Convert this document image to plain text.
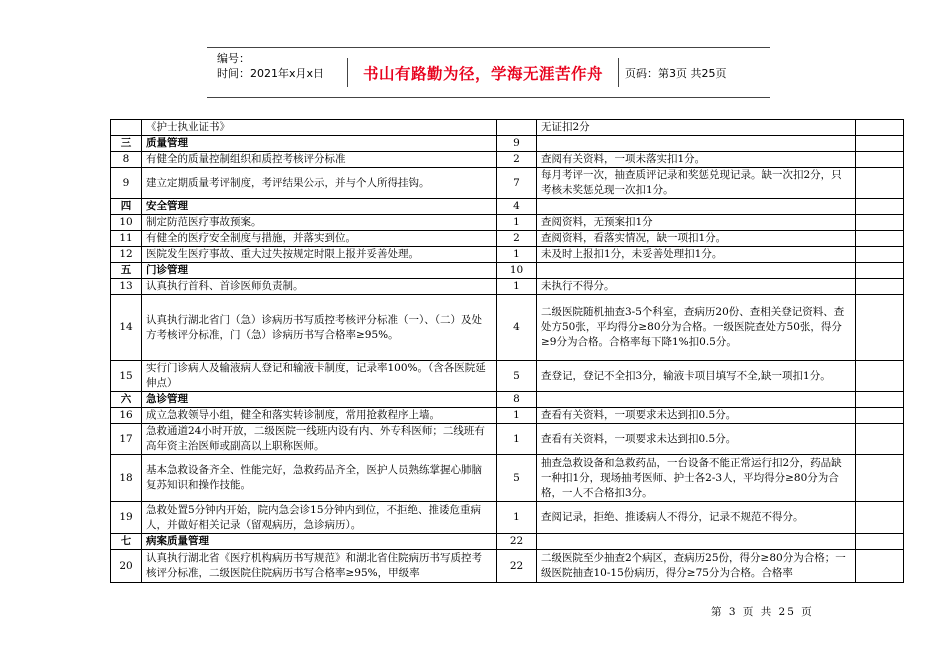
编号：
时间：2021年x月x日	书山有路勤为径，学海无涯苦作舟	页码：第3页 共25页
	《护士执业证书》		无证扣2分	
三	质量管理	9		
8	有健全的质量控制组织和质控考核评分标准	2	查阅有关资料，一项未落实扣1分。	
9	建立定期质量考评制度，考评结果公示，并与个人所得挂钩。	7	每月考评一次，抽查质评记录和奖惩兑现记录。缺一次扣2分，只考核未奖惩兑现一次扣1分。	
四	安全管理	4		
10	制定防范医疗事故预案。	1	查阅资料，无预案扣1分	
11	有健全的医疗安全制度与措施，并落实到位。	2	查阅资料，看落实情况，缺一项扣1分。	
12	医院发生医疗事故、重大过失按规定时限上报并妥善处理。	1	未及时上报扣1分，未妥善处理扣1分。	
五	门诊管理	10		
13	认真执行首科、首诊医师负责制。	1	未执行不得分。	
14	认真执行湖北省门（急）诊病历书写质控考核评分标准（一）、（二）及处方考核评分标准，门（急）诊病历书写合格率≥95%。	4	二级医院随机抽查3-5个科室，查病历20份、查相关登记资料、查处方50张，平均得分≥80分为合格。一级医院查处方50张，得分≥9分为合格。合格率每下降1%扣0.5分。	
15	实行门诊病人及输液病人登记和输液卡制度，记录率100%。（含各医院延伸点）	5	查登记，登记不全扣3分，输液卡项目填写不全,缺一项扣1分。	
六	急诊管理	8		
16	成立急救领导小组，健全和落实转诊制度，常用抢救程序上墙。	1	查看有关资料，一项要求未达到扣0.5分。	
17	急救通道24小时开放，二级医院一线班内设有内、外专科医师；二线班有高年资主治医师或副高以上职称医师。	1	查看有关资料，一项要求未达到扣0.5分。	
18	基本急救设备齐全、性能完好，急救药品齐全，医护人员熟练掌握心肺脑复苏知识和操作技能。	5	抽查急救设备和急救药品，一台设备不能正常运行扣2分，药品缺一种扣1分，现场抽考医师、护士各2-3人，平均得分≥80分为合格，一人不合格扣3分。	
19	急救处置5分钟内开始，院内急会诊15分钟内到位，不拒绝、推诿危重病人，并做好相关记录（留观病历，急诊病历）。	1	查阅记录，拒绝、推诿病人不得分，记录不规范不得分。	
七	病案质量管理	22		
20	认真执行湖北省《医疗机构病历书写规范》和湖北省住院病历书写质控考核评分标准，二级医院住院病历书写合格率≥95%，甲级率	22	二级医院至少抽查2个病区，查病历25份，得分≥80分为合格；一级医院抽查10-15份病历，得分≥75分为合格。合格率	
第 3 页 共 25 页
